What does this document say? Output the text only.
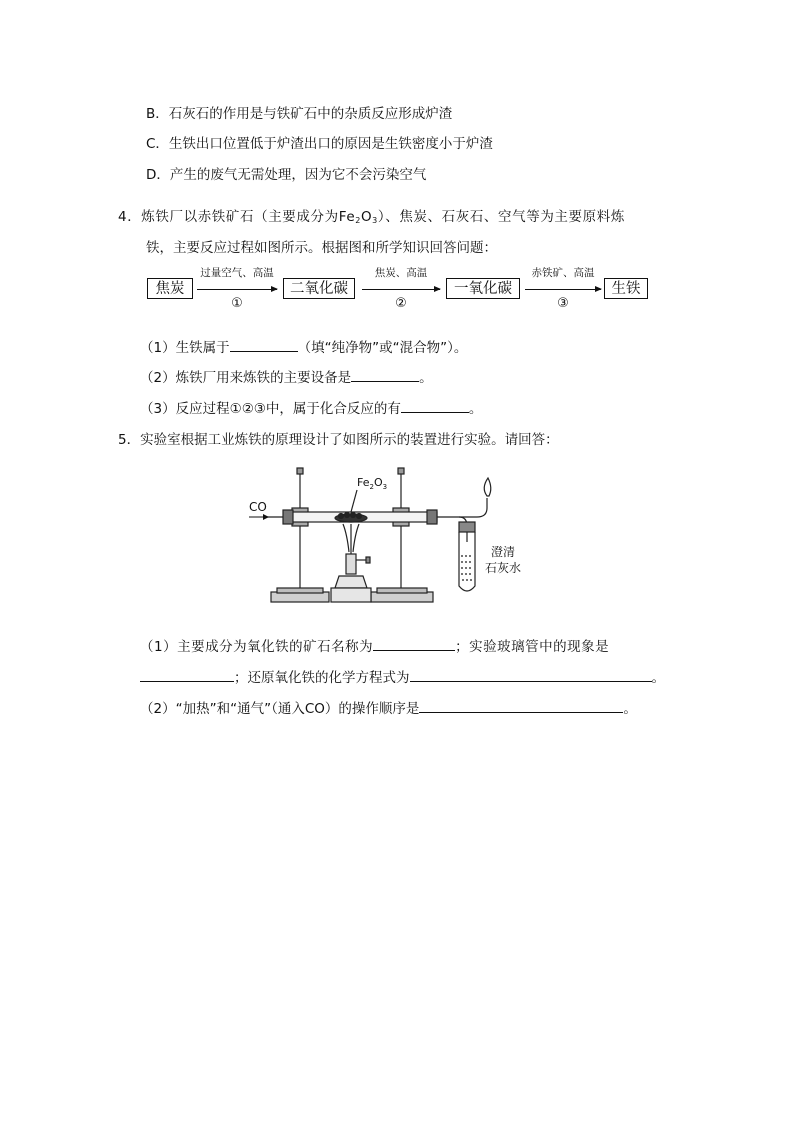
B．石灰石的作用是与铁矿石中的杂质反应形成炉渣
C．生铁出口位置低于炉渣出口的原因是生铁密度小于炉渣
D．产生的废气无需处理，因为它不会污染空气
4．炼铁厂以赤铁矿石（主要成分为$Fe_2O_3$）、焦炭、石灰石、空气等为主要原料炼
铁，主要反应过程如图所示。根据图和所学知识回答问题：
焦炭
过量空气、高温
①
二氧化碳
焦炭、高温
②
一氧化碳
赤铁矿、高温
③
生铁
（1）生铁属于	（填“纯净物”或“混合物”）。
（2）炼铁厂用来炼铁的主要设备是	。
（3）反应过程①②③中，属于化合反应的有	。
5．实验室根据工业炼铁的原理设计了如图所示的装置进行实验。请回答：
CO
$Fe_2O_3$
澄清
石灰水
（1）主要成分为氧化铁的矿石名称为	；实验玻璃管中的现象是
；还原氧化铁的化学方程式为	。
（2）“加热”和“通气”（通入CO）的操作顺序是	。
